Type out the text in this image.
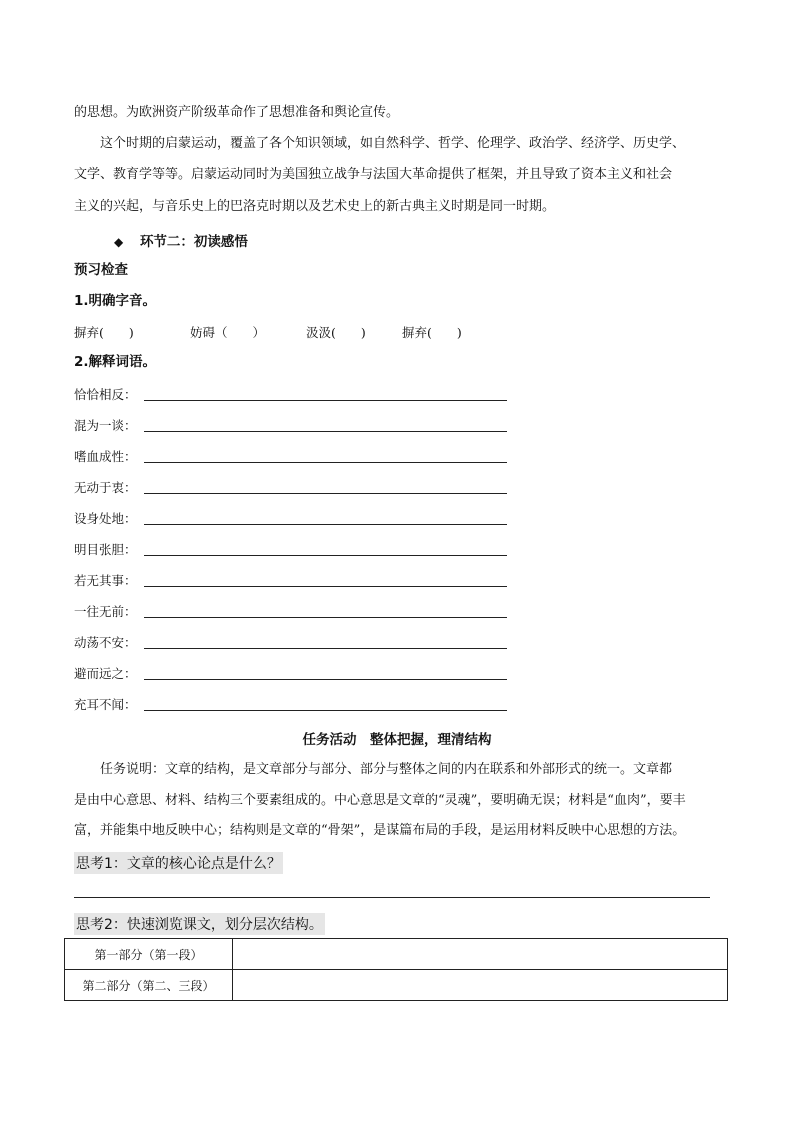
的思想。为欧洲资产阶级革命作了思想准备和舆论宣传。
这个时期的启蒙运动，覆盖了各个知识领域，如自然科学、哲学、伦理学、政治学、经济学、历史学、
文学、教育学等等。启蒙运动同时为美国独立战争与法国大革命提供了框架，并且导致了资本主义和社会
主义的兴起，与音乐史上的巴洛克时期以及艺术史上的新古典主义时期是同一时期。
◆ 环节二：初读感悟
预习检查
1.明确字音。
摒弃(　　)	妨碍（　　）	汲汲(　　)	摒弃(　　)
2.解释词语。
恰恰相反：
混为一谈：
嗜血成性：
无动于衷：
设身处地：
明目张胆：
若无其事：
一往无前：
动荡不安：
避而远之：
充耳不闻：
任务活动　整体把握，理清结构
任务说明：文章的结构，是文章部分与部分、部分与整体之间的内在联系和外部形式的统一。文章都
是由中心意思、材料、结构三个要素组成的。中心意思是文章的“灵魂”，要明确无误；材料是“血肉”，要丰
富，并能集中地反映中心；结构则是文章的“骨架”，是谋篇布局的手段，是运用材料反映中心思想的方法。
思考1：文章的核心论点是什么？
思考2：快速浏览课文，划分层次结构。
第一部分（第一段）	
第二部分（第二、三段）	
